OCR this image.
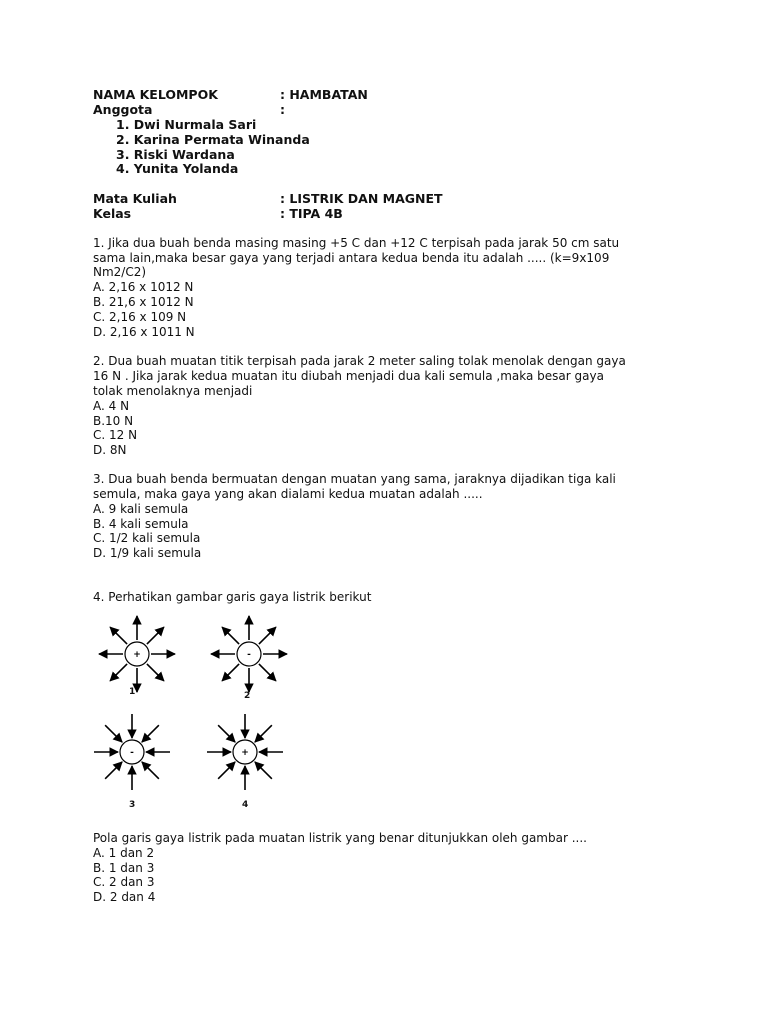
NAMA KELOMPOK	: HAMBATAN
Anggota	:
1. Dwi Nurmala Sari
2. Karina Permata Winanda
3. Riski Wardana
4. Yunita Yolanda
Mata Kuliah	: LISTRIK DAN MAGNET
Kelas	: TIPA 4B
1. Jika dua buah benda masing masing +5 C dan +12 C terpisah pada jarak 50 cm satu
sama lain,maka besar gaya yang terjadi antara kedua benda itu adalah ..... (k=9x109
Nm2/C2)
A. 2,16 x 1012 N
B. 21,6 x 1012 N
C. 2,16 x 109 N
D. 2,16 x 1011 N
2. Dua buah muatan titik terpisah pada jarak 2 meter saling tolak menolak dengan gaya
16 N . Jika jarak kedua muatan itu diubah menjadi dua kali semula ,maka besar gaya
tolak menolaknya menjadi
A. 4 N
B.10 N
C. 12 N
D. 8N
3. Dua buah benda bermuatan dengan muatan yang sama, jaraknya dijadikan tiga kali
semula, maka gaya yang akan dialami kedua muatan adalah .....
A. 9 kali semula
B. 4 kali semula
C. 1/2 kali semula
D. 1/9 kali semula
4. Perhatikan gambar garis gaya listrik berikut
+
1
-
2
-
3
+
4
Pola garis gaya listrik pada muatan listrik yang benar ditunjukkan oleh gambar ....
A. 1 dan 2
B. 1 dan 3
C. 2 dan 3
D. 2 dan 4
